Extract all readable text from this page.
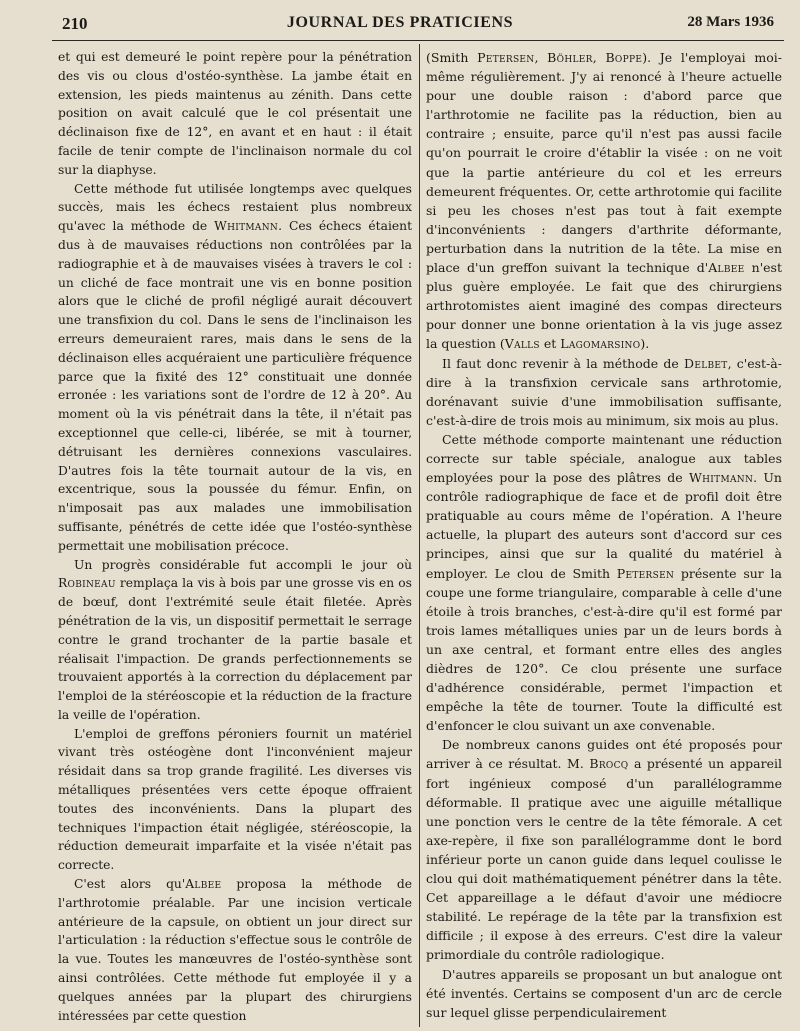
210	JOURNAL DES PRATICIENS	28 Mars 1936

et qui est demeuré le point repère pour la pénétration des vis ou clous d'ostéo-synthèse. La jambe était en extension, les pieds maintenus au zénith. Dans cette position on avait calculé que le col présentait une déclinaison fixe de 12°, en avant et en haut : il était facile de tenir compte de l'inclinaison normale du col sur la diaphyse.

Cette méthode fut utilisée longtemps avec quelques succès, mais les échecs restaient plus nombreux qu'avec la méthode de Whitmann. Ces échecs étaient dus à de mauvaises réductions non contrôlées par la radiographie et à de mauvaises visées à travers le col : un cliché de face montrait une vis en bonne position alors que le cliché de profil négligé aurait découvert une transfixion du col. Dans le sens de l'inclinaison les erreurs demeuraient rares, mais dans le sens de la déclinaison elles acquéraient une particulière fréquence parce que la fixité des 12° constituait une donnée erronée : les variations sont de l'ordre de 12 à 20°. Au moment où la vis pénétrait dans la tête, il n'était pas exceptionnel que celle-ci, libérée, se mit à tourner, détruisant les dernières connexions vasculaires. D'autres fois la tête tournait autour de la vis, en excentrique, sous la poussée du fémur. Enfin, on n'imposait pas aux malades une immobilisation suffisante, pénétrés de cette idée que l'ostéo-synthèse permettait une mobilisation précoce.

Un progrès considérable fut accompli le jour où Robineau remplaça la vis à bois par une grosse vis en os de bœuf, dont l'extrémité seule était filetée. Après pénétration de la vis, un dispositif permettait le serrage contre le grand trochanter de la partie basale et réalisait l'impaction. De grands perfectionnements se trouvaient apportés à la correction du déplacement par l'emploi de la stéréoscopie et la réduction de la fracture la veille de l'opération.

L'emploi de greffons péroniers fournit un matériel vivant très ostéogène dont l'inconvénient majeur résidait dans sa trop grande fragilité. Les diverses vis métalliques présentées vers cette époque offraient toutes des inconvénients. Dans la plupart des techniques l'impaction était négligée, stéréoscopie, la réduction demeurait imparfaite et la visée n'était pas correcte.

C'est alors qu'Albee proposa la méthode de l'arthrotomie préalable. Par une incision verticale antérieure de la capsule, on obtient un jour direct sur l'articulation : la réduction s'effectue sous le contrôle de la vue. Toutes les manœuvres de l'ostéo-synthèse sont ainsi contrôlées. Cette méthode fut employée il y a quelques années par la plupart des chirurgiens intéressées par cette question

(Smith Petersen, Böhler, Boppe). Je l'employai moi-même régulièrement. J'y ai renoncé à l'heure actuelle pour une double raison : d'abord parce que l'arthrotomie ne facilite pas la réduction, bien au contraire ; ensuite, parce qu'il n'est pas aussi facile qu'on pourrait le croire d'établir la visée : on ne voit que la partie antérieure du col et les erreurs demeurent fréquentes. Or, cette arthrotomie qui facilite si peu les choses n'est pas tout à fait exempte d'inconvénients : dangers d'arthrite déformante, perturbation dans la nutrition de la tête. La mise en place d'un greffon suivant la technique d'Albee n'est plus guère employée. Le fait que des chirurgiens arthrotomistes aient imaginé des compas directeurs pour donner une bonne orientation à la vis juge assez la question (Valls et Lagomarsino).

Il faut donc revenir à la méthode de Delbet, c'est-à-dire à la transfixion cervicale sans arthrotomie, dorénavant suivie d'une immobilisation suffisante, c'est-à-dire de trois mois au minimum, six mois au plus.

Cette méthode comporte maintenant une réduction correcte sur table spéciale, analogue aux tables employées pour la pose des plâtres de Whitmann. Un contrôle radiographique de face et de profil doit être pratiquable au cours même de l'opération. A l'heure actuelle, la plupart des auteurs sont d'accord sur ces principes, ainsi que sur la qualité du matériel à employer. Le clou de Smith Petersen présente sur la coupe une forme triangulaire, comparable à celle d'une étoile à trois branches, c'est-à-dire qu'il est formé par trois lames métalliques unies par un de leurs bords à un axe central, et formant entre elles des angles dièdres de 120°. Ce clou présente une surface d'adhérence considérable, permet l'impaction et empêche la tête de tourner. Toute la difficulté est d'enfoncer le clou suivant un axe convenable.

De nombreux canons guides ont été proposés pour arriver à ce résultat. M. Brocq a présenté un appareil fort ingénieux composé d'un parallélogramme déformable. Il pratique avec une aiguille métallique une ponction vers le centre de la tête fémorale. A cet axe-repère, il fixe son parallélogramme dont le bord inférieur porte un canon guide dans lequel coulisse le clou qui doit mathématiquement pénétrer dans la tête. Cet appareillage a le défaut d'avoir une médiocre stabilité. Le repérage de la tête par la transfixion est difficile ; il expose à des erreurs. C'est dire la valeur primordiale du contrôle radiologique.

D'autres appareils se proposant un but analogue ont été inventés. Certains se composent d'un arc de cercle sur lequel glisse perpendiculairement
